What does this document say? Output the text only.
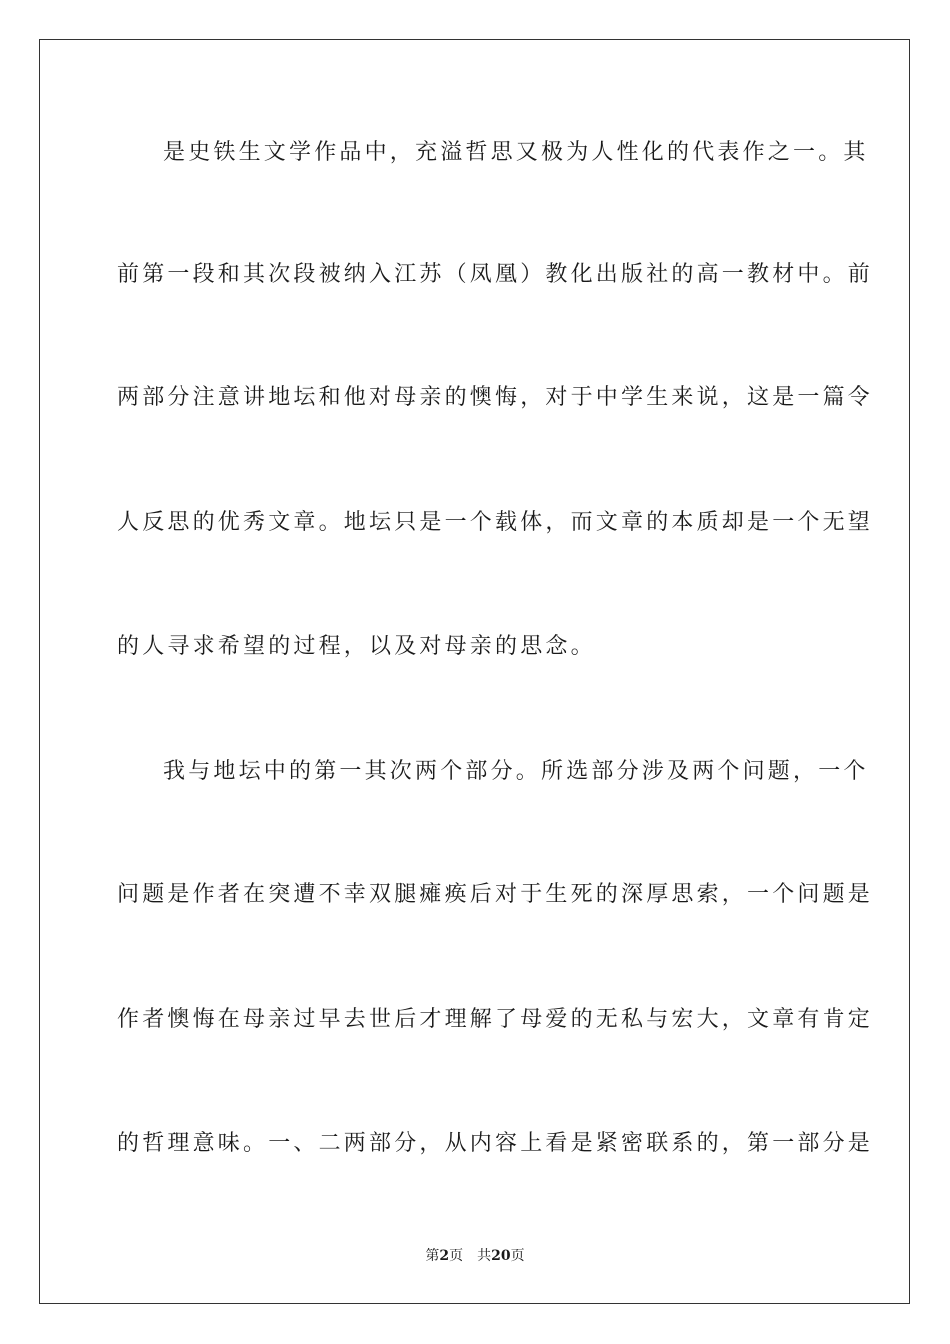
是史铁生文学作品中，充溢哲思又极为人性化的代表作之一。其
前第一段和其次段被纳入江苏（凤凰）教化出版社的高一教材中。前
两部分注意讲地坛和他对母亲的懊悔，对于中学生来说，这是一篇令
人反思的优秀文章。地坛只是一个载体，而文章的本质却是一个无望
的人寻求希望的过程，以及对母亲的思念。
我与地坛中的第一其次两个部分。所选部分涉及两个问题，一个
问题是作者在突遭不幸双腿瘫痪后对于生死的深厚思索，一个问题是
作者懊悔在母亲过早去世后才理解了母爱的无私与宏大，文章有肯定
的哲理意味。一、二两部分，从内容上看是紧密联系的，第一部分是
第2页 共20页
